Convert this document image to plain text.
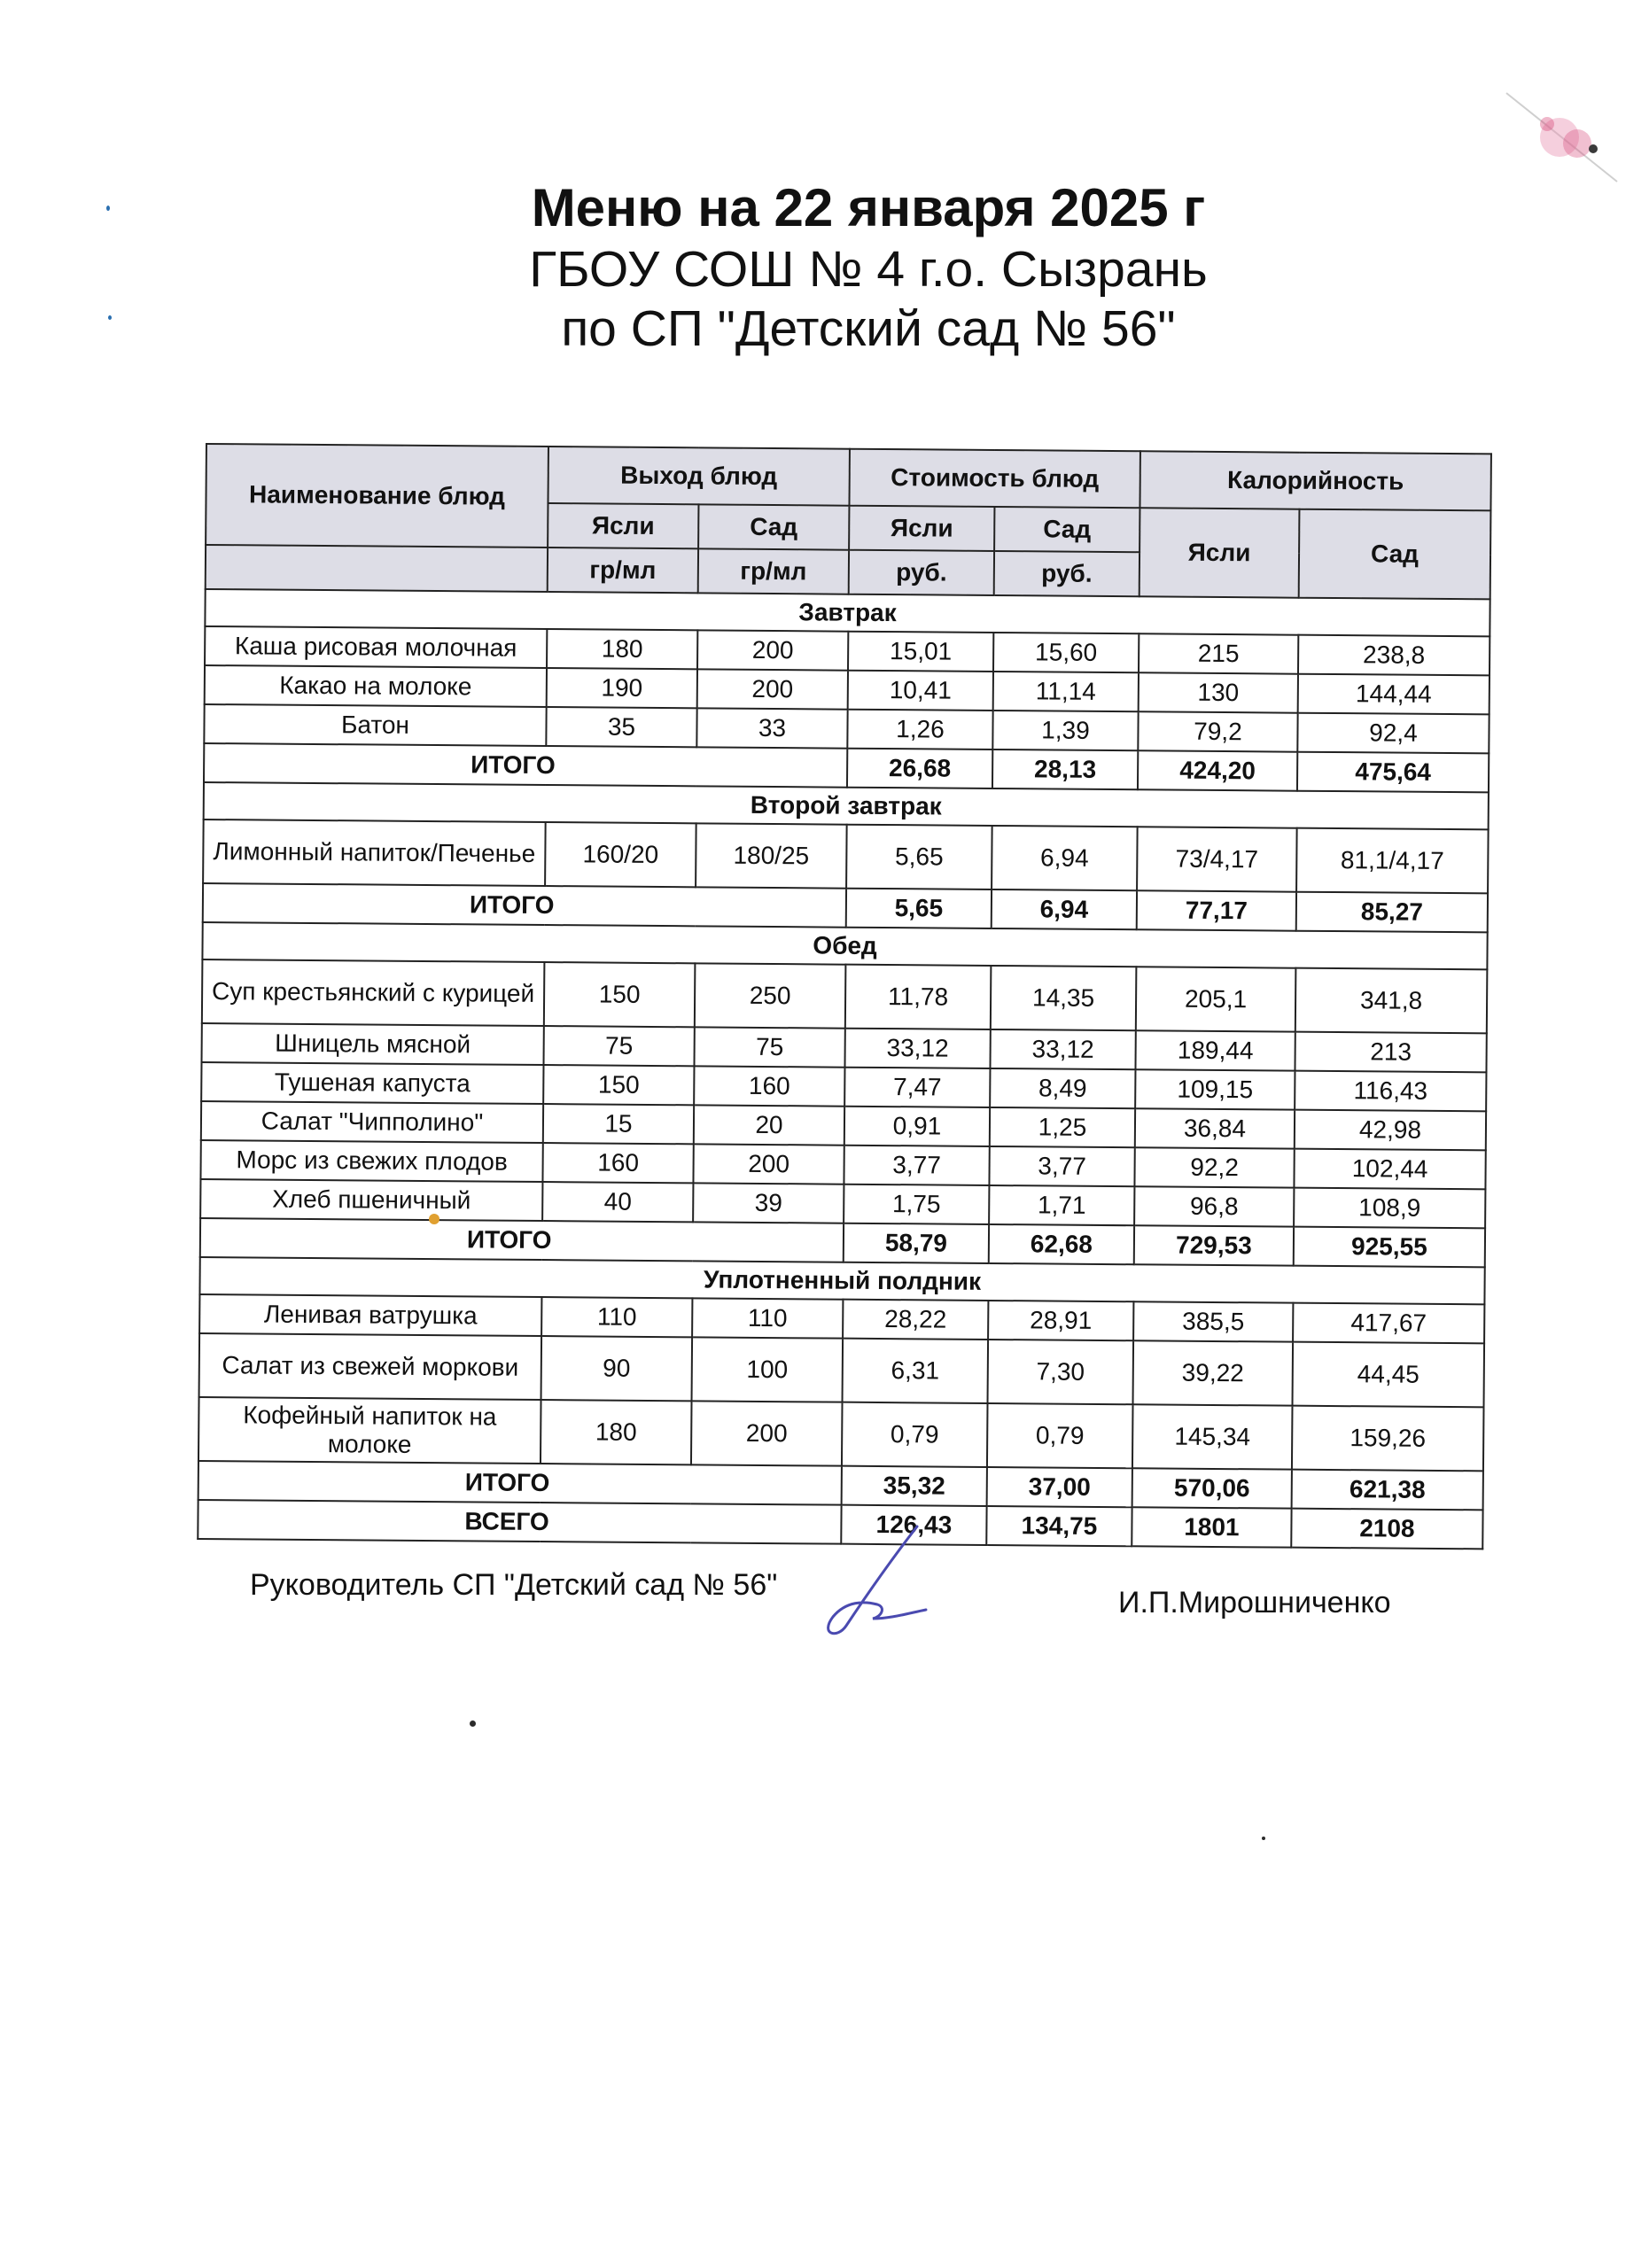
Меню на 22 января 2025 г
ГБОУ СОШ № 4 г.о. Сызрань
по СП "Детский сад № 56"
Наименование блюд	Выход блюд		Стоимость блюд		Калорийность	
	Ясли	Сад	Ясли	Сад	Ясли	Сад
	гр/мл	гр/мл	руб.	руб.		
Завтрак						
Каша рисовая молочная	180	200	15,01	15,60	215	238,8
Какао на молоке	190	200	10,41	11,14	130	144,44
Батон	35	33	1,26	1,39	79,2	92,4
ИТОГО			26,68	28,13	424,20	475,64
Второй завтрак						
Лимонный напиток/Печенье	160/20	180/25	5,65	6,94	73/4,17	81,1/4,17
ИТОГО			5,65	6,94	77,17	85,27
Обед						
Суп крестьянский с курицей	150	250	11,78	14,35	205,1	341,8
Шницель мясной	75	75	33,12	33,12	189,44	213
Тушеная капуста	150	160	7,47	8,49	109,15	116,43
Салат "Чипполино"	15	20	0,91	1,25	36,84	42,98
Морс из свежих плодов	160	200	3,77	3,77	92,2	102,44
Хлеб пшеничный	40	39	1,75	1,71	96,8	108,9
ИТОГО			58,79	62,68	729,53	925,55
Уплотненный полдник						
Ленивая ватрушка	110	110	28,22	28,91	385,5	417,67
Салат из свежей моркови	90	100	6,31	7,30	39,22	44,45
Кофейный напиток на молоке	180	200	0,79	0,79	145,34	159,26
ИТОГО			35,32	37,00	570,06	621,38
ВСЕГО			126,43	134,75	1801	2108
Руководитель СП "Детский сад № 56"
И.П.Мирошниченко
